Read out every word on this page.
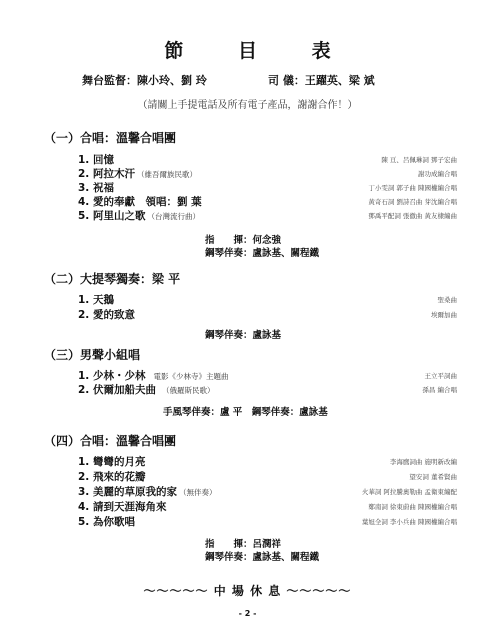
節 目 表
舞台監督：陳小玲、劉 玲	司 儀：王躍英、梁 斌
（請關上手提電話及所有電子產品，謝謝合作！）
（一）合唱：溫馨合唱團
1. 回憶	陳 亘、呂佩琳詞 鄧子宏曲
2. 阿拉木汗 （維吾爾族民歌）	謝功成編合唱
3. 祝福	丁小雯詞 郭子曲 陳國權編合唱
4. 愛的奉獻　領唱：劉 葉	黃奇石詞 劉詩召曲 芽沈編合唱
5. 阿里山之歌 （台灣流行曲）	鄧禹平配詞 張徹曲 黃友棣編曲
指　　揮：何念強
鋼琴伴奏：盧詠基、關程鐵
（二）大提琴獨奏：梁 平
1. 天鵝	聖桑曲
2. 愛的致意	埃爾加曲
鋼琴伴奏：盧詠基
（三）男聲小組唱
1. 少林・少林 電影《少林寺》主題曲	王立平詞曲
2. 伏爾加船夫曲 （俄羅斯民歌）	孫昌 編合唱
手風琴伴奏：盧 平　鋼琴伴奏：盧詠基
（四）合唱：溫馨合唱團
1. 彎彎的月亮	李海鷹詞曲 施明新改編
2. 飛來的花瓣	望安詞 董希賢曲
3. 美麗的草原我的家 （無伴奏）	火華詞 阿拉騰奧勒曲 孟衛東編配
4. 請到天涯海角來	鄭南詞 徐東蔚曲 陳國權編合唱
5. 為你歌唱	葉旭全詞 李小兵曲 陳國權編合唱
指　　揮：呂潤祥
鋼琴伴奏：盧詠基、關程鐵
～～～～～ 中 場 休 息 ～～～～～
- 2 -
